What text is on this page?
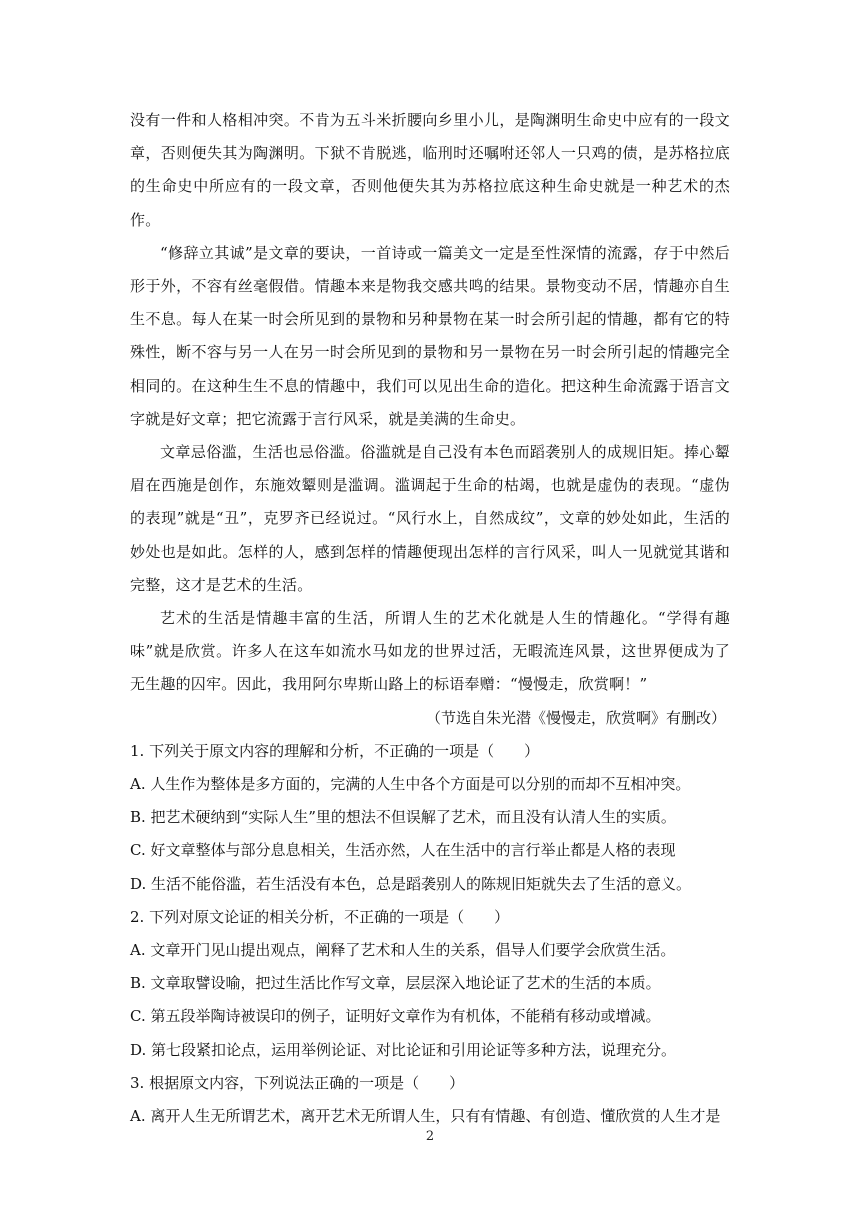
没有一件和人格相冲突。不肯为五斗米折腰向乡里小儿，是陶渊明生命史中应有的一段文章，否则便失其为陶渊明。下狱不肯脱逃，临刑时还嘱咐还邻人一只鸡的债，是苏格拉底的生命史中所应有的一段文章，否则他便失其为苏格拉底这种生命史就是一种艺术的杰作。

“修辞立其诚”是文章的要诀，一首诗或一篇美文一定是至性深情的流露，存于中然后形于外，不容有丝毫假借。情趣本来是物我交感共鸣的结果。景物变动不居，情趣亦自生生不息。每人在某一时会所见到的景物和另种景物在某一时会所引起的情趣，都有它的特殊性，断不容与另一人在另一时会所见到的景物和另一景物在另一时会所引起的情趣完全相同的。在这种生生不息的情趣中，我们可以见出生命的造化。把这种生命流露于语言文字就是好文章；把它流露于言行风采，就是美满的生命史。

文章忌俗滥，生活也忌俗滥。俗滥就是自己没有本色而蹈袭别人的成规旧矩。捧心颦眉在西施是创作，东施效颦则是滥调。滥调起于生命的枯竭，也就是虚伪的表现。“虚伪的表现”就是“丑”，克罗齐已经说过。“风行水上，自然成纹”，文章的妙处如此，生活的妙处也是如此。怎样的人，感到怎样的情趣便现出怎样的言行风采，叫人一见就觉其谐和完整，这才是艺术的生活。

艺术的生活是情趣丰富的生活，所谓人生的艺术化就是人生的情趣化。“学得有趣味”就是欣赏。许多人在这车如流水马如龙的世界过活，无暇流连风景，这世界便成为了无生趣的囚牢。因此，我用阿尔卑斯山路上的标语奉赠：“慢慢走，欣赏啊！”

（节选自朱光潜《慢慢走，欣赏啊》有删改）

1. 下列关于原文内容的理解和分析，不正确的一项是（　　）

A. 人生作为整体是多方面的，完满的人生中各个方面是可以分别的而却不互相冲突。

B. 把艺术硬纳到“实际人生”里的想法不但误解了艺术，而且没有认清人生的实质。

C. 好文章整体与部分息息相关，生活亦然，人在生活中的言行举止都是人格的表现

D. 生活不能俗滥，若生活没有本色，总是蹈袭别人的陈规旧矩就失去了生活的意义。

2. 下列对原文论证的相关分析，不正确的一项是（　　）

A. 文章开门见山提出观点，阐释了艺术和人生的关系，倡导人们要学会欣赏生活。

B. 文章取譬设喻，把过生活比作写文章，层层深入地论证了艺术的生活的本质。

C. 第五段举陶诗被误印的例子，证明好文章作为有机体，不能稍有移动或增减。

D. 第七段紧扣论点，运用举例论证、对比论证和引用论证等多种方法，说理充分。

3. 根据原文内容，下列说法正确的一项是（　　）

A. 离开人生无所谓艺术，离开艺术无所谓人生，只有有情趣、有创造、懂欣赏的人生才是

2
